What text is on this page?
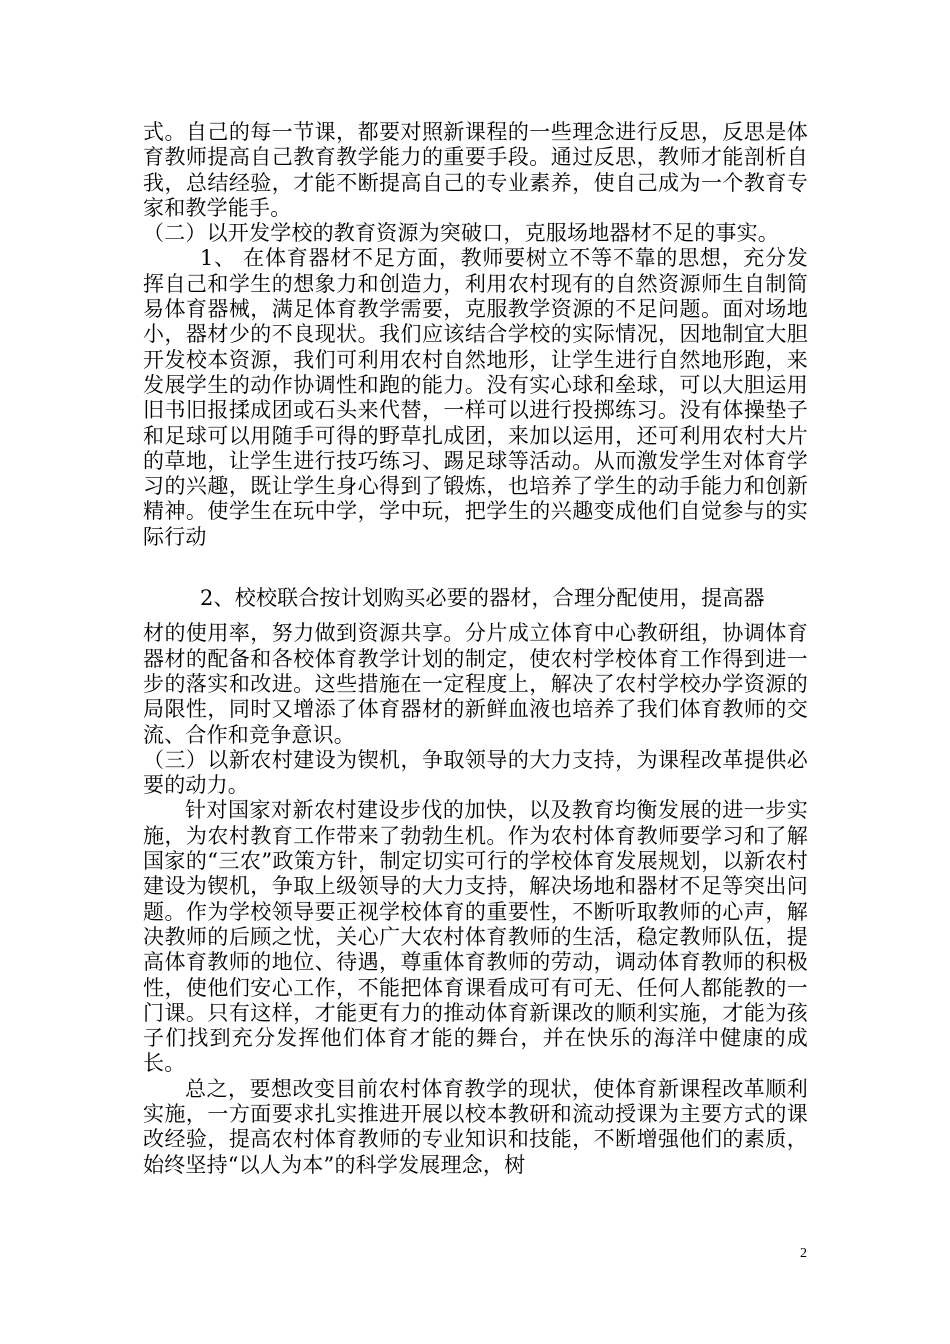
式。自己的每一节课，都要对照新课程的一些理念进行反思，反思是体育教师提高自己教育教学能力的重要手段。通过反思，教师才能剖析自我，总结经验，才能不断提高自己的专业素养，使自己成为一个教育专家和教学能手。

（二）以开发学校的教育资源为突破口，克服场地器材不足的事实。

1、 在体育器材不足方面，教师要树立不等不靠的思想，充分发挥自己和学生的想象力和创造力，利用农村现有的自然资源师生自制简易体育器械，满足体育教学需要，克服教学资源的不足问题。面对场地小，器材少的不良现状。我们应该结合学校的实际情况，因地制宜大胆开发校本资源，我们可利用农村自然地形，让学生进行自然地形跑，来发展学生的动作协调性和跑的能力。没有实心球和垒球，可以大胆运用旧书旧报揉成团或石头来代替，一样可以进行投掷练习。没有体操垫子和足球可以用随手可得的野草扎成团，来加以运用，还可利用农村大片的草地，让学生进行技巧练习、踢足球等活动。从而激发学生对体育学习的兴趣，既让学生身心得到了锻炼，也培养了学生的动手能力和创新精神。使学生在玩中学，学中玩，把学生的兴趣变成他们自觉参与的实际行动

2、校校联合按计划购买必要的器材，合理分配使用，提高器

材的使用率，努力做到资源共享。分片成立体育中心教研组，协调体育器材的配备和各校体育教学计划的制定，使农村学校体育工作得到进一步的落实和改进。这些措施在一定程度上，解决了农村学校办学资源的局限性，同时又增添了体育器材的新鲜血液也培养了我们体育教师的交流、合作和竞争意识。

（三）以新农村建设为锲机，争取领导的大力支持，为课程改革提供必要的动力。

针对国家对新农村建设步伐的加快，以及教育均衡发展的进一步实施，为农村教育工作带来了勃勃生机。作为农村体育教师要学习和了解国家的“三农”政策方针，制定切实可行的学校体育发展规划，以新农村建设为锲机，争取上级领导的大力支持，解决场地和器材不足等突出问题。作为学校领导要正视学校体育的重要性，不断听取教师的心声，解决教师的后顾之忧，关心广大农村体育教师的生活，稳定教师队伍，提高体育教师的地位、待遇，尊重体育教师的劳动，调动体育教师的积极性，使他们安心工作，不能把体育课看成可有可无、任何人都能教的一门课。只有这样，才能更有力的推动体育新课改的顺利实施，才能为孩子们找到充分发挥他们体育才能的舞台，并在快乐的海洋中健康的成长。

总之，要想改变目前农村体育教学的现状，使体育新课程改革顺利实施，一方面要求扎实推进开展以校本教研和流动授课为主要方式的课改经验，提高农村体育教师的专业知识和技能，不断增强他们的素质，始终坚持“以人为本”的科学发展理念，树

2
